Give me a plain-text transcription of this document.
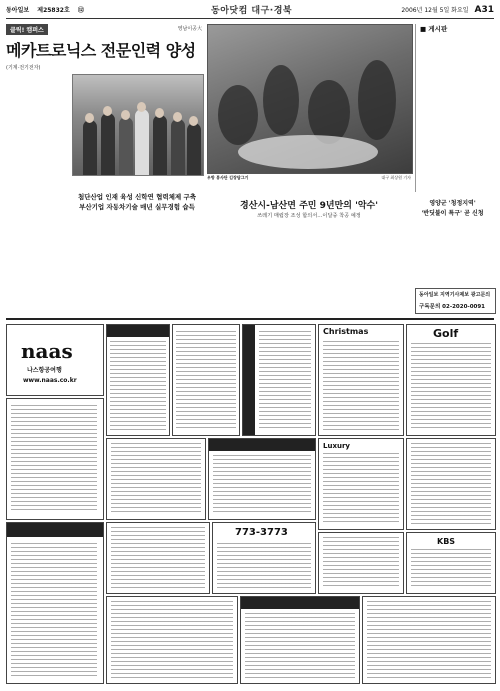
동아일보 제25832호 ⑫	동아닷컴 대구·경북	2006년 12월 5일 화요일 A31
클릭! 캠퍼스	영남이공大
메카트로닉스 전문인력 양성
(기계·전기전자)
첨단산업 인재 육성 신학연 협력체제 구축
부산기업 자동차기술 매년 실무경험 습득
우방 봉사단 김장담그기	대구 최상원 기자
경산시-남산면 주민 9년만의 '악수'
쓰레기 매립장 조성 합의서…이달중 착공 예정
영양군 '청정지역'
'반딧불이 특구' 곧 신청
■ 게시판
동아일보 지역기사제보 광고문의
구독문의 02-2020-0091
naas
나스항공여행
www.naas.co.kr
Christmas	Golf
Luxury
773-3773
KBS
